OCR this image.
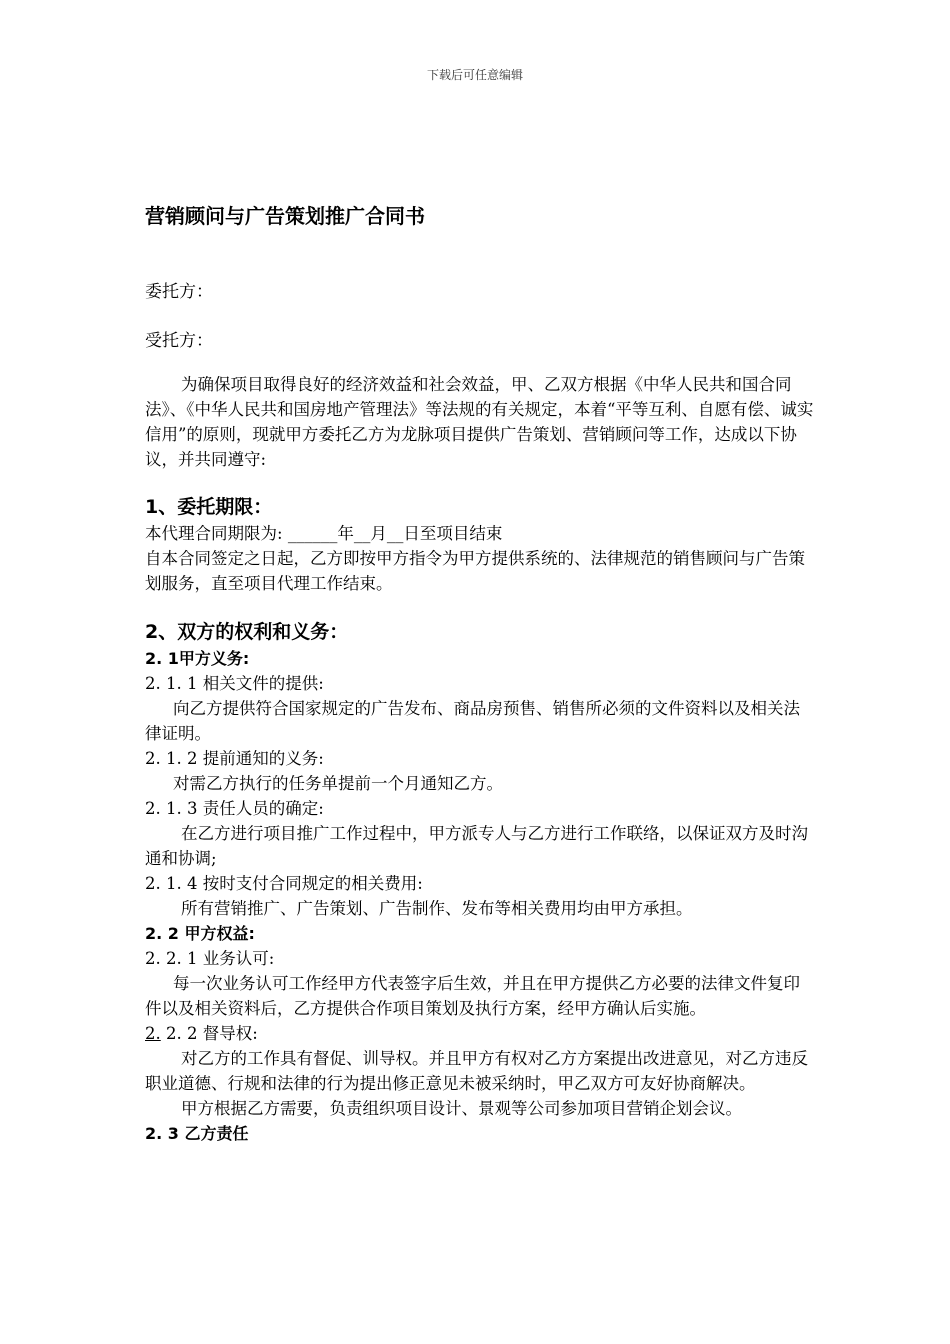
下载后可任意编辑
营销顾问与广告策划推广合同书

委托方：

受托方：

为确保项目取得良好的经济效益和社会效益，甲、乙双方根据《中华人民共和国合同法》、《中华人民共和国房地产管理法》等法规的有关规定，本着“平等互利、自愿有偿、诚实信用”的原则，现就甲方委托乙方为龙脉项目提供广告策划、营销顾问等工作，达成以下协议，并共同遵守:

1、委托期限：

本代理合同期限为: ______年__月__日至项目结束

自本合同签定之日起，乙方即按甲方指令为甲方提供系统的、法律规范的销售顾问与广告策划服务，直至项目代理工作结束。

2、双方的权利和义务：

2. 1甲方义务:

2. 1. 1 相关文件的提供:

向乙方提供符合国家规定的广告发布、商品房预售、销售所必须的文件资料以及相关法律证明。

2. 1. 2 提前通知的义务:

对需乙方执行的任务单提前一个月通知乙方。

2. 1. 3 责任人员的确定:

在乙方进行项目推广工作过程中，甲方派专人与乙方进行工作联络，以保证双方及时沟通和协调;

2. 1. 4 按时支付合同规定的相关费用:

所有营销推广、广告策划、广告制作、发布等相关费用均由甲方承担。

2. 2 甲方权益:

2. 2. 1 业务认可:

每一次业务认可工作经甲方代表签字后生效，并且在甲方提供乙方必要的法律文件复印件以及相关资料后，乙方提供合作项目策划及执行方案，经甲方确认后实施。

2. 2. 2 督导权:

对乙方的工作具有督促、训导权。并且甲方有权对乙方方案提出改进意见，对乙方违反职业道德、行规和法律的行为提出修正意见未被采纳时，甲乙双方可友好协商解决。

甲方根据乙方需要，负责组织项目设计、景观等公司参加项目营销企划会议。

2. 3 乙方责任
